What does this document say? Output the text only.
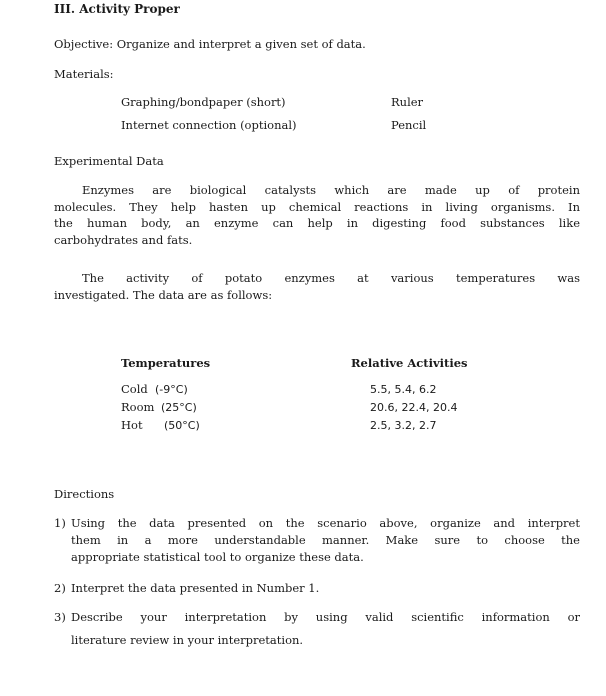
III. Activity Proper
Objective: Organize and interpret a given set of data.
Materials:
Graphing/bondpaper (short)	Ruler
Internet connection (optional)	Pencil
Experimental Data
Enzymes are biological catalysts which are made up of protein
molecules. They help hasten up chemical reactions in living organisms. In
the human body, an enzyme can help in digesting food substances like
carbohydrates and fats.
The activity of potato enzymes at various temperatures was
investigated. The data are as follows:
Temperatures	Relative Activities
Cold (-9°C)	5.5, 5.4, 6.2
Room (25°C)	20.6, 22.4, 20.4
Hot (50°C)	2.5, 3.2, 2.7
Directions
1) Using the data presented on the scenario above, organize and interpret
them in a more understandable manner. Make sure to choose the
appropriate statistical tool to organize these data.
2) Interpret the data presented in Number 1.
3) Describe your interpretation by using valid scientific information or
literature review in your interpretation.
